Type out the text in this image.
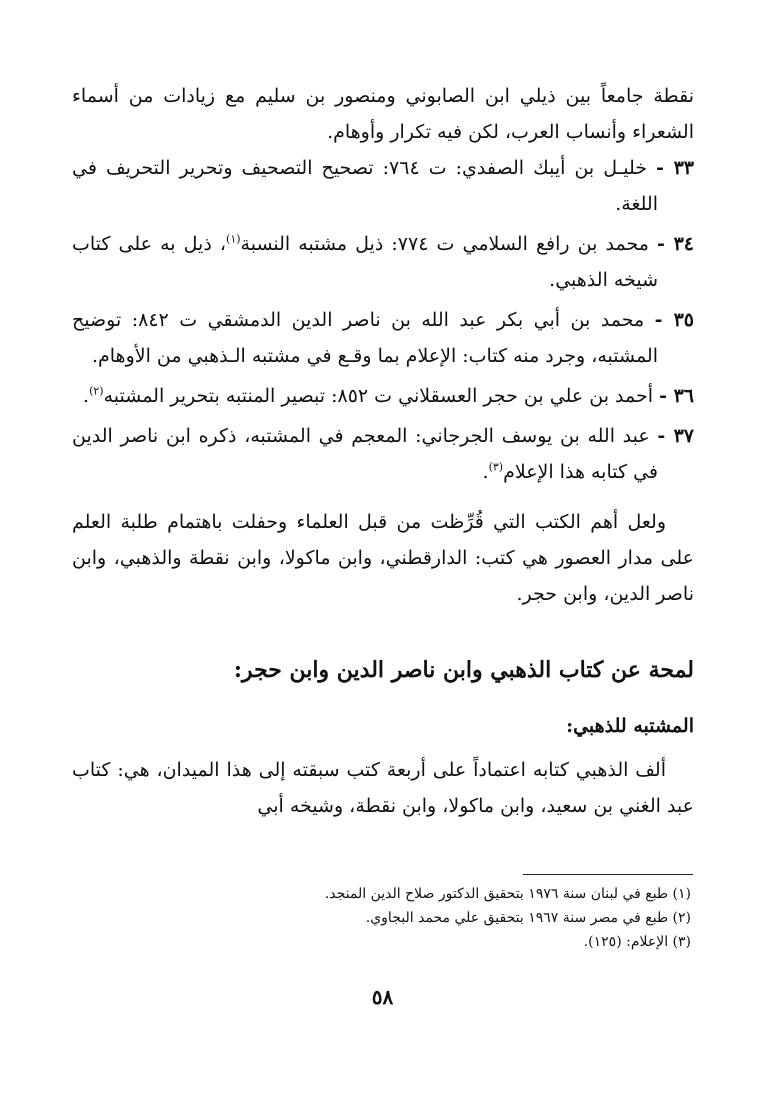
نقطة جامعاً بين ذيلي ابن الصابوني ومنصور بن سليم مع زيادات من أسماء الشعراء وأنساب العرب، لكن فيه تكرار وأوهام.

٣٣ - خليـل بن أيبك الصفدي: ت ٧٦٤: تصحيح التصحيف وتحرير التحريف في اللغة.
٣٤ - محمد بن رافع السلامي ت ٧٧٤: ذيل مشتبه النسبة$^{(١)}$، ذيل به على كتاب شيخه الذهبي.
٣٥ - محمد بن أبي بكر عبد الله بن ناصر الدين الدمشقي ت ٨٤٢: توضيح المشتبه، وجرد منه كتاب: الإعلام بما وقـع في مشتبه الـذهبي من الأوهام.
٣٦ - أحمد بن علي بن حجر العسقلاني ت ٨٥٢: تبصير المنتبه بتحرير المشتبه$^{(٢)}$.
٣٧ - عبد الله بن يوسف الجرجاني: المعجم في المشتبه، ذكره ابن ناصر الدين في كتابه هذا الإعلام$^{(٣)}$.

ولعل أهم الكتب التي قُرِّظت من قبل العلماء وحفلت باهتمام طلبة العلم على مدار العصور هي كتب: الدارقطني، وابن ماكولا، وابن نقطة والذهبي، وابن ناصر الدين، وابن حجر.

لمحة عن كتاب الذهبي وابن ناصر الدين وابن حجر:
المشتبه للذهبي:

ألف الذهبي كتابه اعتماداً على أربعة كتب سبقته إلى هذا الميدان، هي: كتاب عبد الغني بن سعيد، وابن ماكولا، وابن نقطة، وشيخه أبي

(١) طبع في لبنان سنة ١٩٧٦ بتحقيق الدكتور صلاح الدين المنجد.

(٢) طبع في مصر سنة ١٩٦٧ بتحقيق علي محمد البجاوي.

(٣) الإعلام: (١٢٥).

٥٨
